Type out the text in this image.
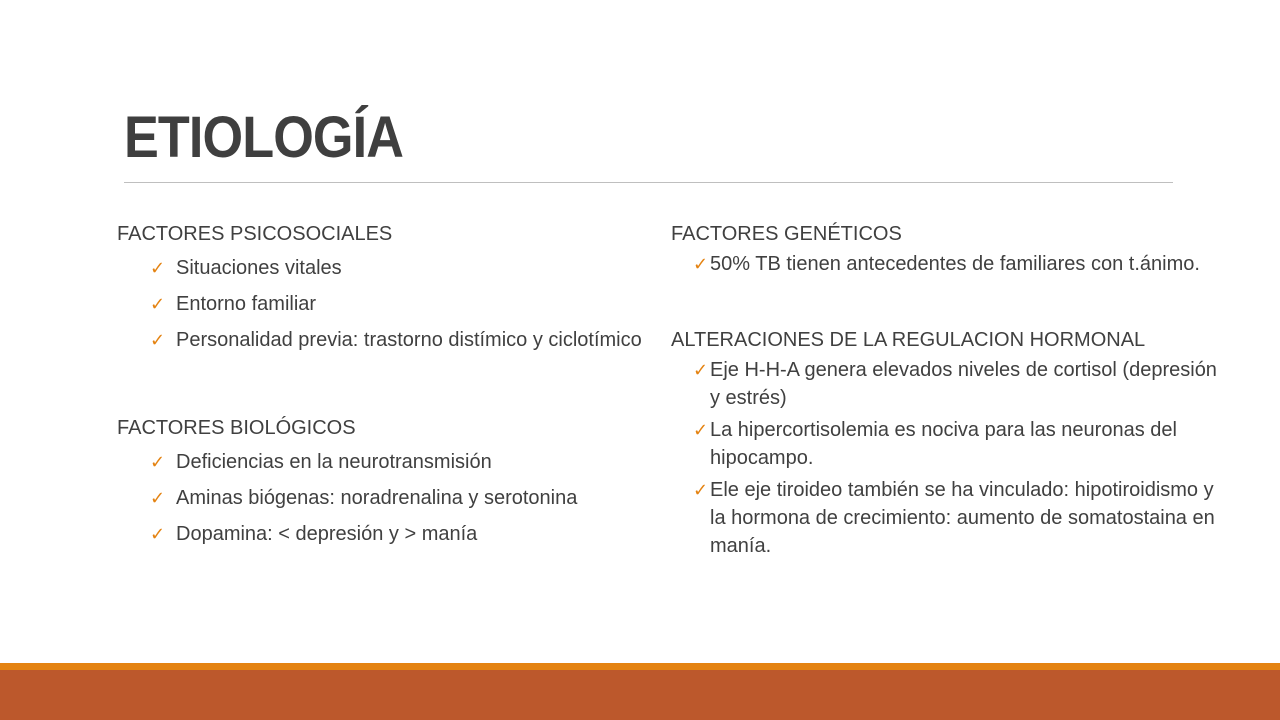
ETIOLOGÍA
FACTORES PSICOSOCIALES
✓ Situaciones vitales
✓ Entorno familiar
✓ Personalidad previa: trastorno distímico y ciclotímico
FACTORES BIOLÓGICOS
✓ Deficiencias en la neurotransmisión
✓ Aminas biógenas: noradrenalina y serotonina
✓ Dopamina: < depresión y > manía
FACTORES GENÉTICOS
✓ 50% TB tienen antecedentes de familiares con t.ánimo.
ALTERACIONES DE LA REGULACION HORMONAL
✓ Eje H-H-A genera elevados niveles de cortisol (depresión y estrés)
✓ La hipercortisolemia es nociva para las neuronas del hipocampo.
✓ Ele eje tiroideo también se ha vinculado: hipotiroidismo y la hormona de crecimiento: aumento de somatostaina en manía.
